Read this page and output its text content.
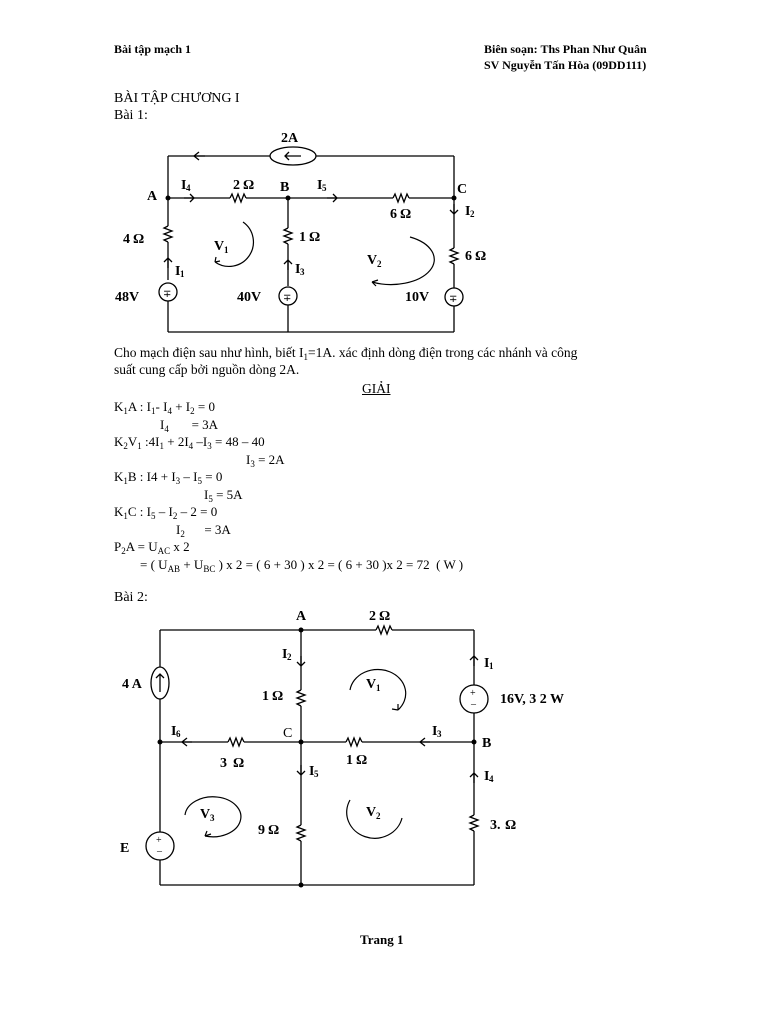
Bài tập mạch 1	Biên soạn: Ths Phan Như Quân
SV Nguyễn Tấn Hòa (09DD111)
BÀI TẬP CHƯƠNG I
Bài 1:
2A
∓	∓	∓
A
B	C
I 4	2 Ω	I 5
6 Ω	I 2
4 Ω	V 1
1 Ω
V 2	6 Ω
I 1	I 3
48V	40V	10V
Cho mạch điện sau như hình, biết $I_1=1A$. xác định dòng điện trong các nhánh và công
suất cung cấp bởi nguồn dòng 2A.
GIẢI
$K_1A$ : $I_1-$ $I_4 + I_2 = 0$
$I_4$       = 3A
$K_2V_1$ $:4I_1 + 2I_4$ $-I_3 = 48 - 40$
$I_3 = 2A$
$K_1B$ : $I4 + I_3 - I_5 = 0$
$I_5 = 5A$
$K_1C$ : $I_5 - I_2 - 2 = 0$
$I_2$      = 3A
$P_2A = U_{AC}$ x 2
= ( $U_{AB} + U_{BC}$ ) x 2 = ( 6 + 30 ) x 2 = ( 6 + 30 )x 2 = 72  ( W )
Bài 2:
+
–
+
–
A	2 Ω
I 2	I 1
4 A
1 Ω
V 1
16V, 3 2 W
I 6	C	I 3
B
3 Ω	1 Ω
I 5	I 4
V 3	V 2
3. Ω
9 Ω
E
Trang 1
